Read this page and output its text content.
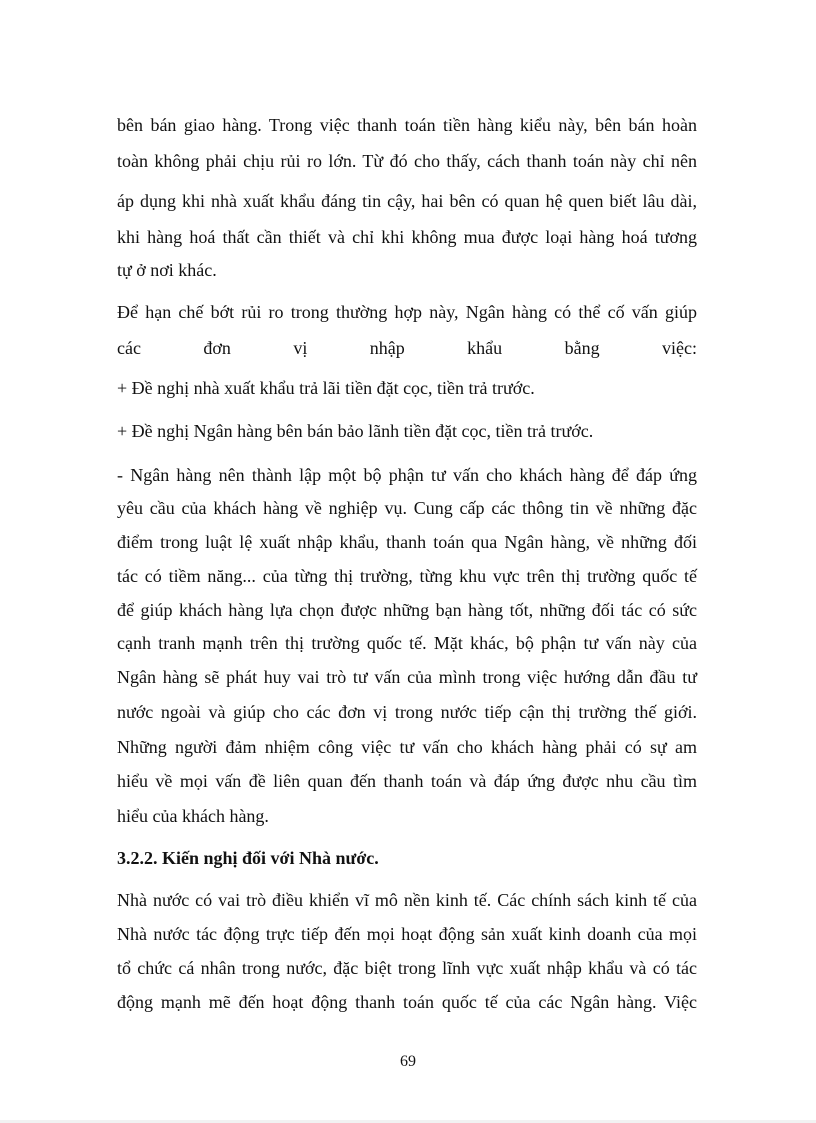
bên bán giao hàng. Trong việc thanh toán tiền hàng kiểu này, bên bán hoàn
toàn không phải chịu rủi ro lớn. Từ đó cho thấy, cách thanh toán này chỉ nên
áp dụng khi nhà xuất khẩu đáng tin cậy, hai bên có quan hệ quen biết lâu dài,
khi hàng hoá thất cần thiết và chỉ khi không mua được loại hàng hoá tương
tự ở nơi khác.
Để hạn chế bớt rủi ro trong thường hợp này, Ngân hàng có thể cố vấn giúp
các đơn vị nhập khẩu bằng việc:
+ Đề nghị nhà xuất khẩu trả lãi tiền đặt cọc, tiền trả trước.
+ Đề nghị Ngân hàng bên bán bảo lãnh tiền đặt cọc, tiền trả trước.
- Ngân hàng nên thành lập một bộ phận tư vấn cho khách hàng để đáp ứng
yêu cầu của khách hàng về nghiệp vụ. Cung cấp các thông tin về những đặc
điểm trong luật lệ xuất nhập khẩu, thanh toán qua Ngân hàng, về những đối
tác có tiềm năng... của từng thị trường, từng khu vực trên thị trường quốc tế
để giúp khách hàng lựa chọn được những bạn hàng tốt, những đối tác có sức
cạnh tranh mạnh trên thị trường quốc tế. Mặt khác, bộ phận tư vấn này của
Ngân hàng sẽ phát huy vai trò tư vấn của mình trong việc hướng dẫn đầu tư
nước ngoài và giúp cho các đơn vị trong nước tiếp cận thị trường thế giới.
Những người đảm nhiệm công việc tư vấn cho khách hàng phải có sự am
hiểu về mọi vấn đề liên quan đến thanh toán và đáp ứng được nhu cầu tìm
hiểu của khách hàng.
3.2.2. Kiến nghị đối với Nhà nước.
Nhà nước có vai trò điều khiển vĩ mô nền kinh tế. Các chính sách kinh tế của
Nhà nước tác động trực tiếp đến mọi hoạt động sản xuất kinh doanh của mọi
tổ chức cá nhân trong nước, đặc biệt trong lĩnh vực xuất nhập khẩu và có tác
động mạnh mẽ đến hoạt động thanh toán quốc tế của các Ngân hàng. Việc
69
